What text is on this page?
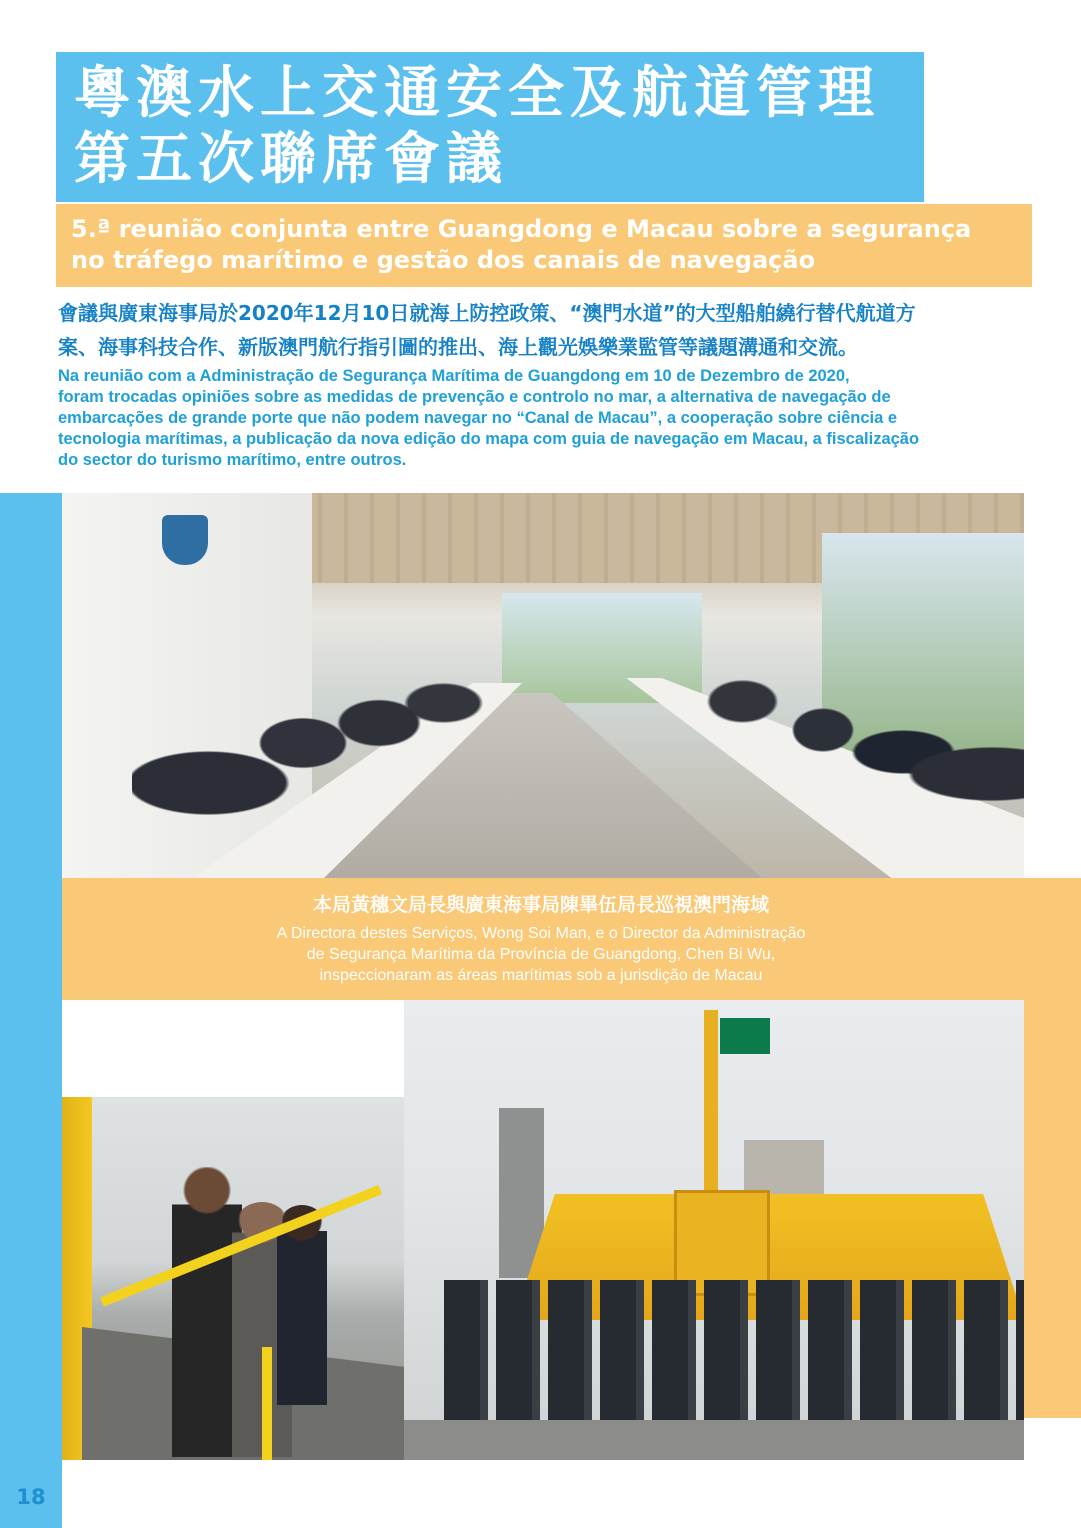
粵澳水上交通安全及航道管理
第五次聯席會議
5.ª reunião conjunta entre Guangdong e Macau sobre a segurança
no tráfego marítimo e gestão dos canais de navegação
會議與廣東海事局於2020年12月10日就海上防控政策、“澳門水道”的大型船舶繞行替代航道方
案、海事科技合作、新版澳門航行指引圖的推出、海上觀光娛樂業監管等議題溝通和交流。
Na reunião com a Administração de Segurança Marítima de Guangdong em 10 de Dezembro de 2020,
foram trocadas opiniões sobre as medidas de prevenção e controlo no mar, a alternativa de navegação de
embarcações de grande porte que não podem navegar no “Canal de Macau”, a cooperação sobre ciência e
tecnologia marítimas, a publicação da nova edição do mapa com guia de navegação em Macau, a fiscalização
do sector do turismo marítimo, entre outros.
本局黃穗文局長與廣東海事局陳畢伍局長巡視澳門海域
A Directora destes Serviços, Wong Soi Man, e o Director da Administração
de Segurança Marítima da Província de Guangdong, Chen Bi Wu,
inspeccionaram as áreas marítimas sob a jurisdição de Macau
18
